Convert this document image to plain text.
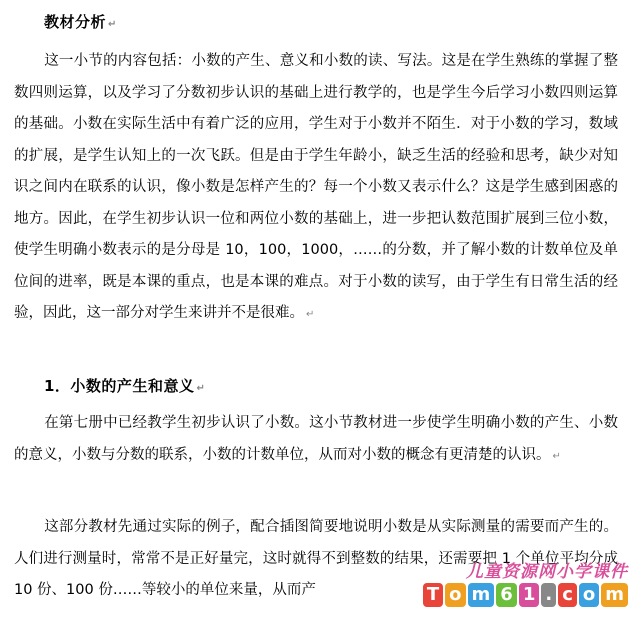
教材分析 ↵
这一小节的内容包括：小数的产生、意义和小数的读、写法。这是在学生熟练的掌握了整数四则运算，以及学习了分数初步认识的基础上进行教学的，也是学生今后学习小数四则运算的基础。小数在实际生活中有着广泛的应用，学生对于小数并不陌生．对于小数的学习，数域的扩展，是学生认知上的一次飞跃。但是由于学生年龄小，缺乏生活的经验和思考，缺少对知识之间内在联系的认识，像小数是怎样产生的？每一个小数又表示什么？这是学生感到困惑的地方。因此，在学生初步认识一位和两位小数的基础上，进一步把认数范围扩展到三位小数，使学生明确小数表示的是分母是 10，100，1000，……的分数，并了解小数的计数单位及单位间的进率，既是本课的重点，也是本课的难点。对于小数的读写，由于学生有日常生活的经验，因此，这一部分对学生来讲并不是很难。 ↵
1．小数的产生和意义 ↵
在第七册中已经教学生初步认识了小数。这小节教材进一步使学生明确小数的产生、小数的意义，小数与分数的联系，小数的计数单位，从而对小数的概念有更清楚的认识。 ↵
这部分教材先通过实际的例子，配合插图简要地说明小数是从实际测量的需要而产生的。人们进行测量时，常常不是正好量完，这时就得不到整数的结果，还需要把 1 个单位平均分成 10 份、100 份……等较小的单位来量，从而产
儿童资源网小学课件
T o m 6 1 . c o m
